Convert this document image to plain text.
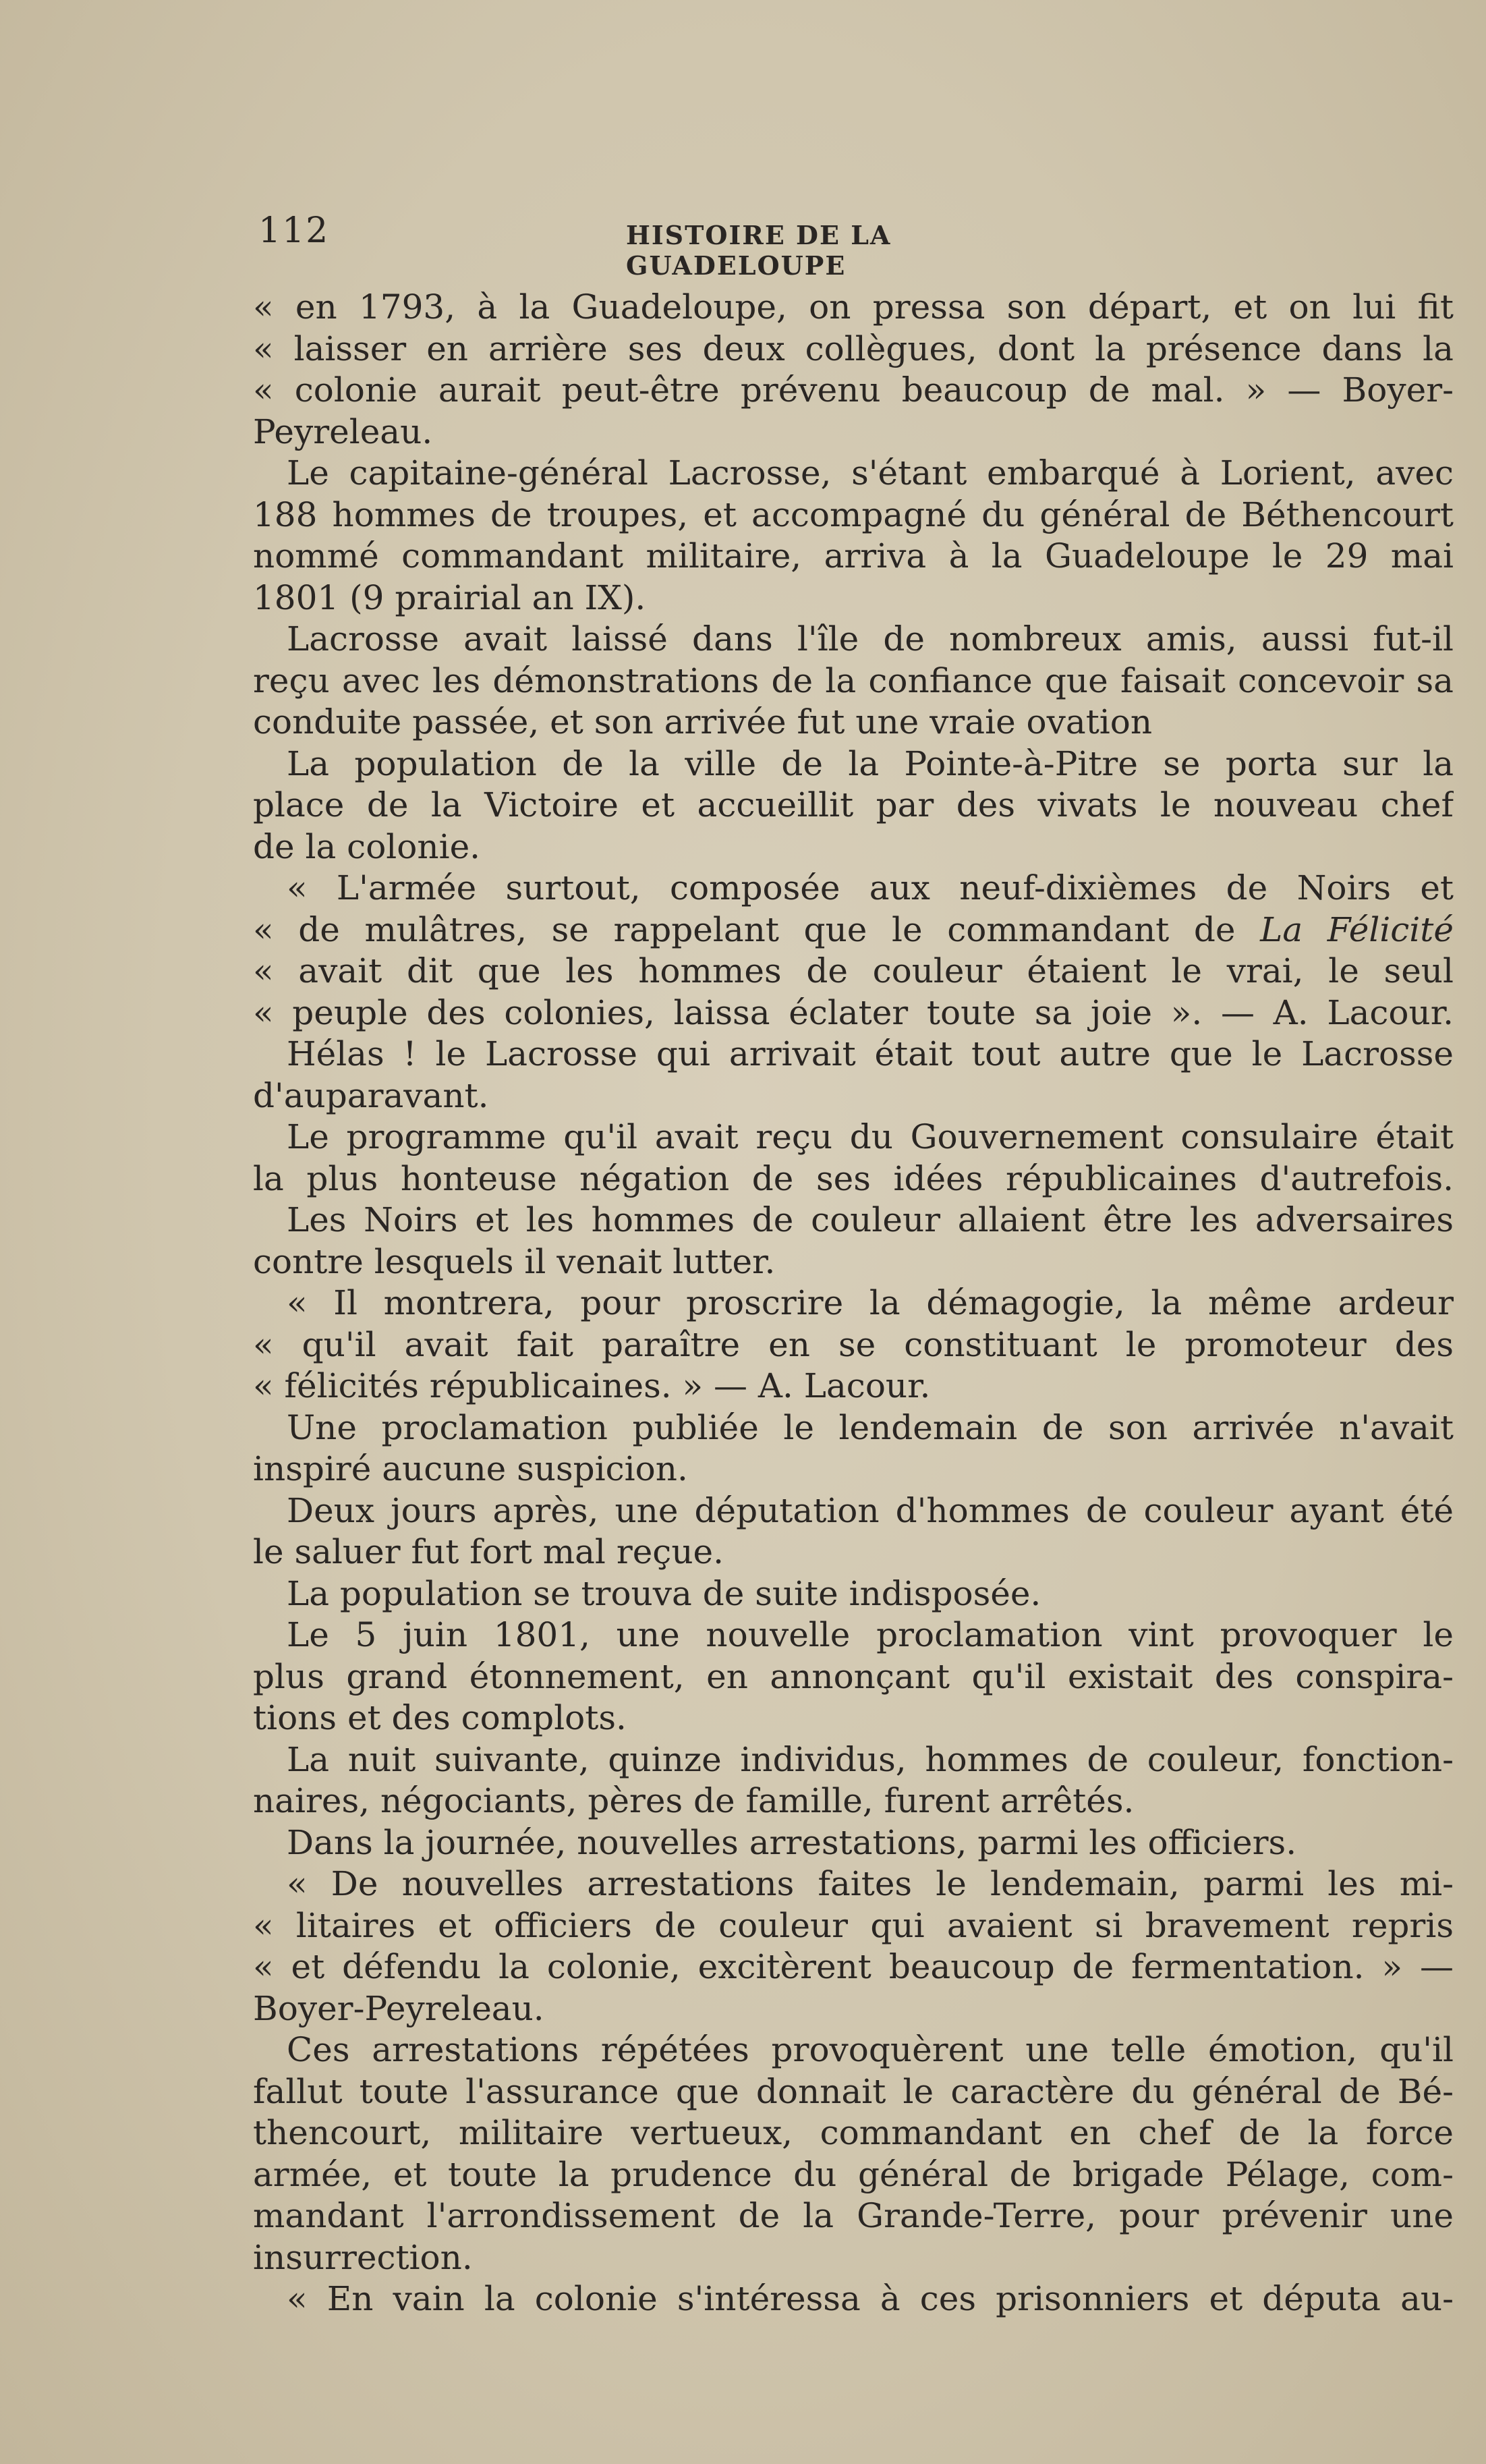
112	HISTOIRE DE LA GUADELOUPE
« en 1793, à la Guadeloupe, on pressa son départ, et on lui fit
« laisser en arrière ses deux collègues, dont la présence dans la
« colonie aurait peut-être prévenu beaucoup de mal. » — Boyer-
Peyreleau.
Le capitaine-général Lacrosse, s'étant embarqué à Lorient, avec
188 hommes de troupes, et accompagné du général de Béthencourt
nommé commandant militaire, arriva à la Guadeloupe le 29 mai
1801 (9 prairial an IX).
Lacrosse avait laissé dans l'île de nombreux amis, aussi fut-il
reçu avec les démonstrations de la confiance que faisait concevoir sa
conduite passée, et son arrivée fut une vraie ovation
La population de la ville de la Pointe-à-Pitre se porta sur la
place de la Victoire et accueillit par des vivats le nouveau chef
de la colonie.
« L'armée surtout, composée aux neuf-dixièmes de Noirs et
« de mulâtres, se rappelant que le commandant de La Félicité
« avait dit que les hommes de couleur étaient le vrai, le seul
« peuple des colonies, laissa éclater toute sa joie ». — A. Lacour.
Hélas ! le Lacrosse qui arrivait était tout autre que le Lacrosse
d'auparavant.
Le programme qu'il avait reçu du Gouvernement consulaire était
la plus honteuse négation de ses idées républicaines d'autrefois.
Les Noirs et les hommes de couleur allaient être les adversaires
contre lesquels il venait lutter.
« Il montrera, pour proscrire la démagogie, la même ardeur
« qu'il avait fait paraître en se constituant le promoteur des
« félicités républicaines. » — A. Lacour.
Une proclamation publiée le lendemain de son arrivée n'avait
inspiré aucune suspicion.
Deux jours après, une députation d'hommes de couleur ayant été
le saluer fut fort mal reçue.
La population se trouva de suite indisposée.
Le 5 juin 1801, une nouvelle proclamation vint provoquer le
plus grand étonnement, en annonçant qu'il existait des conspira-
tions et des complots.
La nuit suivante, quinze individus, hommes de couleur, fonction-
naires, négociants, pères de famille, furent arrêtés.
Dans la journée, nouvelles arrestations, parmi les officiers.
« De nouvelles arrestations faites le lendemain, parmi les mi-
« litaires et officiers de couleur qui avaient si bravement repris
« et défendu la colonie, excitèrent beaucoup de fermentation. » —
Boyer-Peyreleau.
Ces arrestations répétées provoquèrent une telle émotion, qu'il
fallut toute l'assurance que donnait le caractère du général de Bé-
thencourt, militaire vertueux, commandant en chef de la force
armée, et toute la prudence du général de brigade Pélage, com-
mandant l'arrondissement de la Grande-Terre, pour prévenir une
insurrection.
« En vain la colonie s'intéressa à ces prisonniers et députa au-
